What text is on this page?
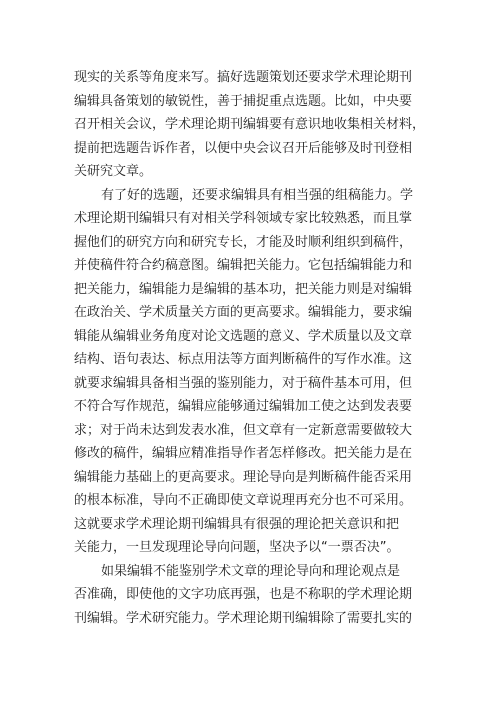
现实的关系等角度来写。搞好选题策划还要求学术理论期刊
编辑具备策划的敏锐性，善于捕捉重点选题。比如，中央要
召开相关会议，学术理论期刊编辑要有意识地收集相关材料，
提前把选题告诉作者，以便中央会议召开后能够及时刊登相
关研究文章。
有了好的选题，还要求编辑具有相当强的组稿能力。学
术理论期刊编辑只有对相关学科领域专家比较熟悉，而且掌
握他们的研究方向和研究专长，才能及时顺利组织到稿件，
并使稿件符合约稿意图。编辑把关能力。它包括编辑能力和
把关能力，编辑能力是编辑的基本功，把关能力则是对编辑
在政治关、学术质量关方面的更高要求。编辑能力，要求编
辑能从编辑业务角度对论文选题的意义、学术质量以及文章
结构、语句表达、标点用法等方面判断稿件的写作水准。这
就要求编辑具备相当强的鉴别能力，对于稿件基本可用，但
不符合写作规范，编辑应能够通过编辑加工使之达到发表要
求；对于尚未达到发表水准，但文章有一定新意需要做较大
修改的稿件，编辑应精准指导作者怎样修改。把关能力是在
编辑能力基础上的更高要求。理论导向是判断稿件能否采用
的根本标准，导向不正确即使文章说理再充分也不可采用。
这就要求学术理论期刊编辑具有很强的理论把关意识和把
关能力，一旦发现理论导向问题，坚决予以“一票否决”。
如果编辑不能鉴别学术文章的理论导向和理论观点是
否准确，即使他的文字功底再强，也是不称职的学术理论期
刊编辑。学术研究能力。学术理论期刊编辑除了需要扎实的
